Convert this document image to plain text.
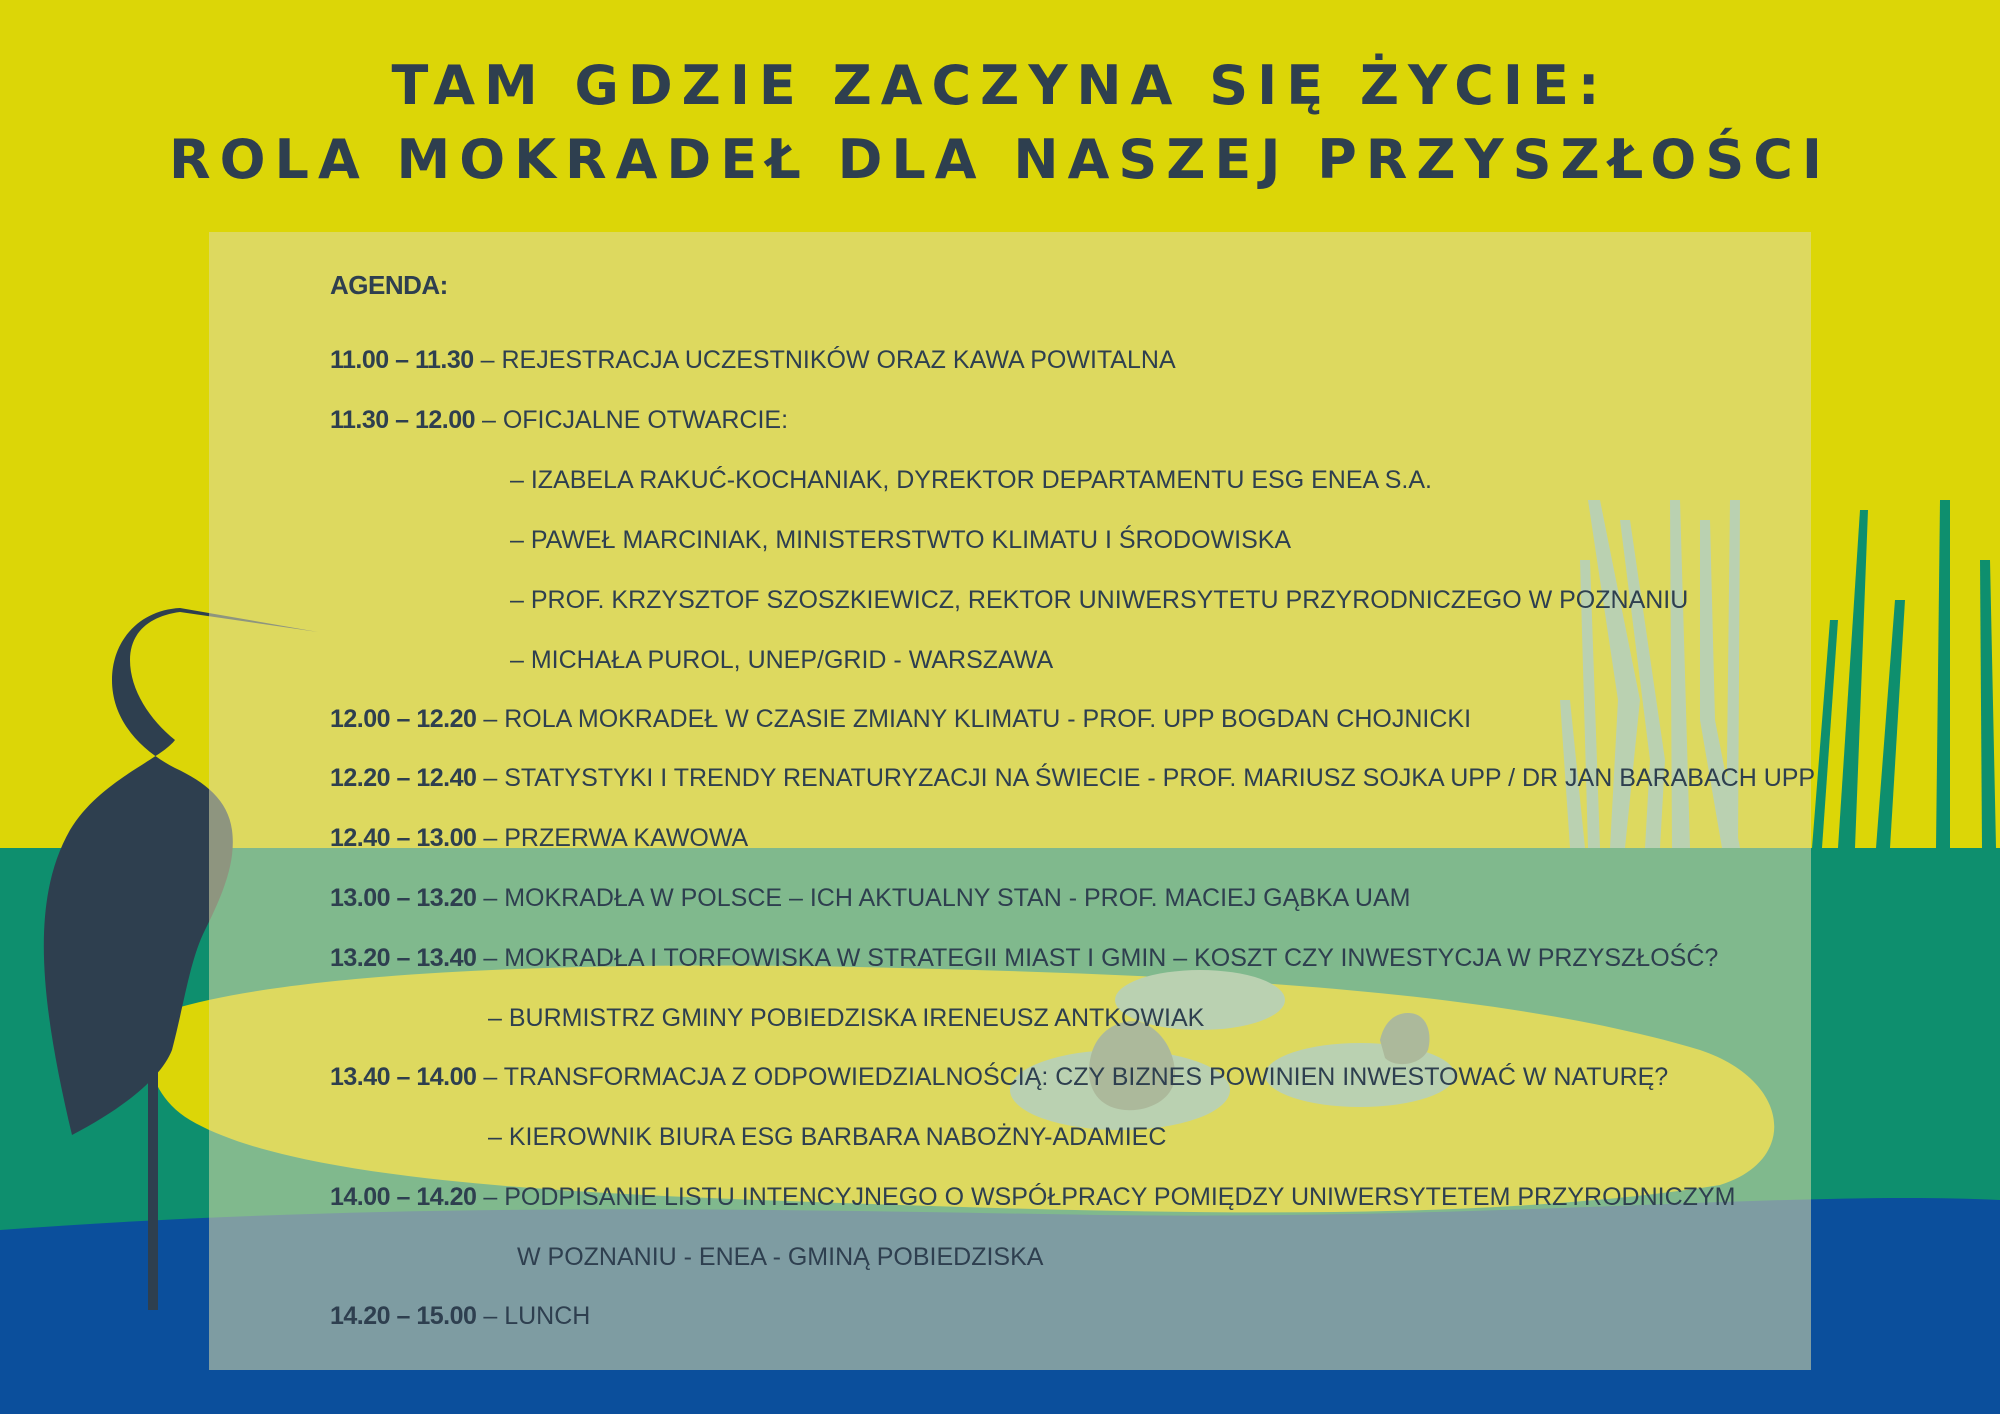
TAM GDZIE ZACZYNA SIĘ ŻYCIE:
ROLA MOKRADEŁ DLA NASZEJ PRZYSZŁOŚCI
AGENDA:
11.00 – 11.30 – REJESTRACJA UCZESTNIKÓW ORAZ KAWA POWITALNA
11.30 – 12.00 – OFICJALNE OTWARCIE:
– IZABELA RAKUĆ-KOCHANIAK, DYREKTOR DEPARTAMENTU ESG ENEA S.A.
– PAWEŁ MARCINIAK, MINISTERSTWTO KLIMATU I ŚRODOWISKA
– PROF. KRZYSZTOF SZOSZKIEWICZ, REKTOR UNIWERSYTETU PRZYRODNICZEGO W POZNANIU
– MICHAŁA PUROL, UNEP/GRID - WARSZAWA
12.00 – 12.20 – ROLA MOKRADEŁ W CZASIE ZMIANY KLIMATU - PROF. UPP BOGDAN CHOJNICKI
12.20 – 12.40 – STATYSTYKI I TRENDY RENATURYZACJI NA ŚWIECIE - PROF. MARIUSZ SOJKA UPP / DR JAN BARABACH UPP
12.40 – 13.00 – PRZERWA KAWOWA
13.00 – 13.20 – MOKRADŁA W POLSCE – ICH AKTUALNY STAN - PROF. MACIEJ GĄBKA UAM
13.20 – 13.40 – MOKRADŁA I TORFOWISKA W STRATEGII MIAST I GMIN – KOSZT CZY INWESTYCJA W PRZYSZŁOŚĆ?
– BURMISTRZ GMINY POBIEDZISKA IRENEUSZ ANTKOWIAK
13.40 – 14.00 – TRANSFORMACJA Z ODPOWIEDZIALNOŚCIĄ: CZY BIZNES POWINIEN INWESTOWAĆ W NATURĘ?
– KIEROWNIK BIURA ESG BARBARA NABOŻNY-ADAMIEC
14.00 – 14.20 – PODPISANIE LISTU INTENCYJNEGO O WSPÓŁPRACY POMIĘDZY UNIWERSYTETEM PRZYRODNICZYM
W POZNANIU - ENEA - GMINĄ POBIEDZISKA
14.20 – 15.00 – LUNCH
